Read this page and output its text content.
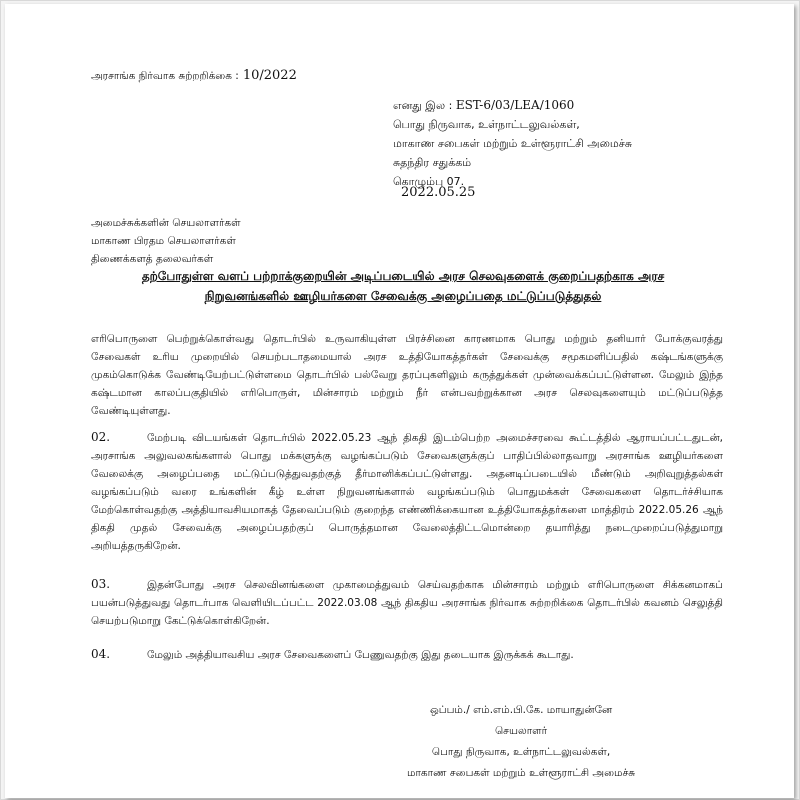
அரசாங்க நிர்வாக சுற்றறிக்கை : 10/2022
எனது இல : EST-6/03/LEA/1060
பொது நிருவாக, உள்நாட்டலுவல்கள்,
மாகாண சபைகள் மற்றும் உள்ளூராட்சி அமைச்சு
சுதந்திர சதுக்கம்
கொழும்பு 07.
2022.05.25
அமைச்சுக்களின் செயலாளர்கள்
மாகாண பிரதம செயலாளர்கள்
திணைக்களத் தலைவர்கள்
தற்போதுள்ள வளப் பற்றாக்குறையின் அடிப்படையில் அரச செலவுகளைக் குறைப்பதற்காக அரச நிறுவனங்களில் ஊழியர்களை சேவைக்கு அழைப்பதை மட்டுப்படுத்துதல்
எரிபொருளை பெற்றுக்கொள்வது தொடர்பில் உருவாகியுள்ள பிரச்சினை காரணமாக பொது மற்றும் தனியார் போக்குவரத்து சேவைகள் உரிய முறையில் செயற்படாதமையால் அரச உத்தியோகத்தர்கள் சேவைக்கு சமூகமளிப்பதில் கஷ்டங்களுக்கு முகம்கொடுக்க வேண்டியேற்பட்டுள்ளமை தொடர்பில் பல்வேறு தரப்புகளிலும் கருத்துக்கள் முன்வைக்கப்பட்டுள்ளன. மேலும் இந்த கஷ்டமான காலப்பகுதியில் எரிபொருள், மின்சாரம் மற்றும் நீர் என்பவற்றுக்கான அரச செலவுகளையும் மட்டுப்படுத்த வேண்டியுள்ளது.
02.	மேற்படி விடயங்கள் தொடர்பில் 2022.05.23 ஆந் திகதி இடம்பெற்ற அமைச்சரவை கூட்டத்தில் ஆராயப்பட்டதுடன், அரசாங்க அலுவலகங்களால் பொது மக்களுக்கு வழங்கப்படும் சேவைகளுக்குப் பாதிப்பில்லாதவாறு அரசாங்க ஊழியர்களை வேலைக்கு அழைப்பதை மட்டுப்படுத்துவதற்குத் தீர்மானிக்கப்பட்டுள்ளது. அதனடிப்படையில் மீண்டும் அறிவுறுத்தல்கள் வழங்கப்படும் வரை உங்களின் கீழ் உள்ள நிறுவனங்களால் வழங்கப்படும் பொதுமக்கள் சேவைகளை தொடர்ச்சியாக மேற்கொள்வதற்கு அத்தியாவசியமாகத் தேவைப்படும் குறைந்த எண்ணிக்கையான உத்தியோகத்தர்களை மாத்திரம் 2022.05.26 ஆந் திகதி முதல் சேவைக்கு அழைப்பதற்குப் பொருத்தமான வேலைத்திட்டமொன்றை தயாரித்து நடைமுறைப்படுத்துமாறு அறியத்தருகிறேன்.
03.	இதன்போது அரச செலவினங்களை முகாமைத்துவம் செய்வதற்காக மின்சாரம் மற்றும் எரிபொருளை சிக்கனமாகப் பயன்படுத்துவது தொடர்பாக வெளியிடப்பட்ட 2022.03.08 ஆந் திகதிய அரசாங்க நிர்வாக சுற்றறிக்கை தொடர்பில் கவனம் செலுத்தி செயற்படுமாறு கேட்டுக்கொள்கிறேன்.
04.	மேலும் அத்தியாவசிய அரச சேவைகளைப் பேணுவதற்கு இது தடையாக இருக்கக் கூடாது.
ஒப்பம்./ எம்.எம்.பி.கே. மாயாதுன்னே
செயலாளர்
பொது நிருவாக, உள்நாட்டலுவல்கள்,
மாகாண சபைகள் மற்றும் உள்ளூராட்சி அமைச்சு
